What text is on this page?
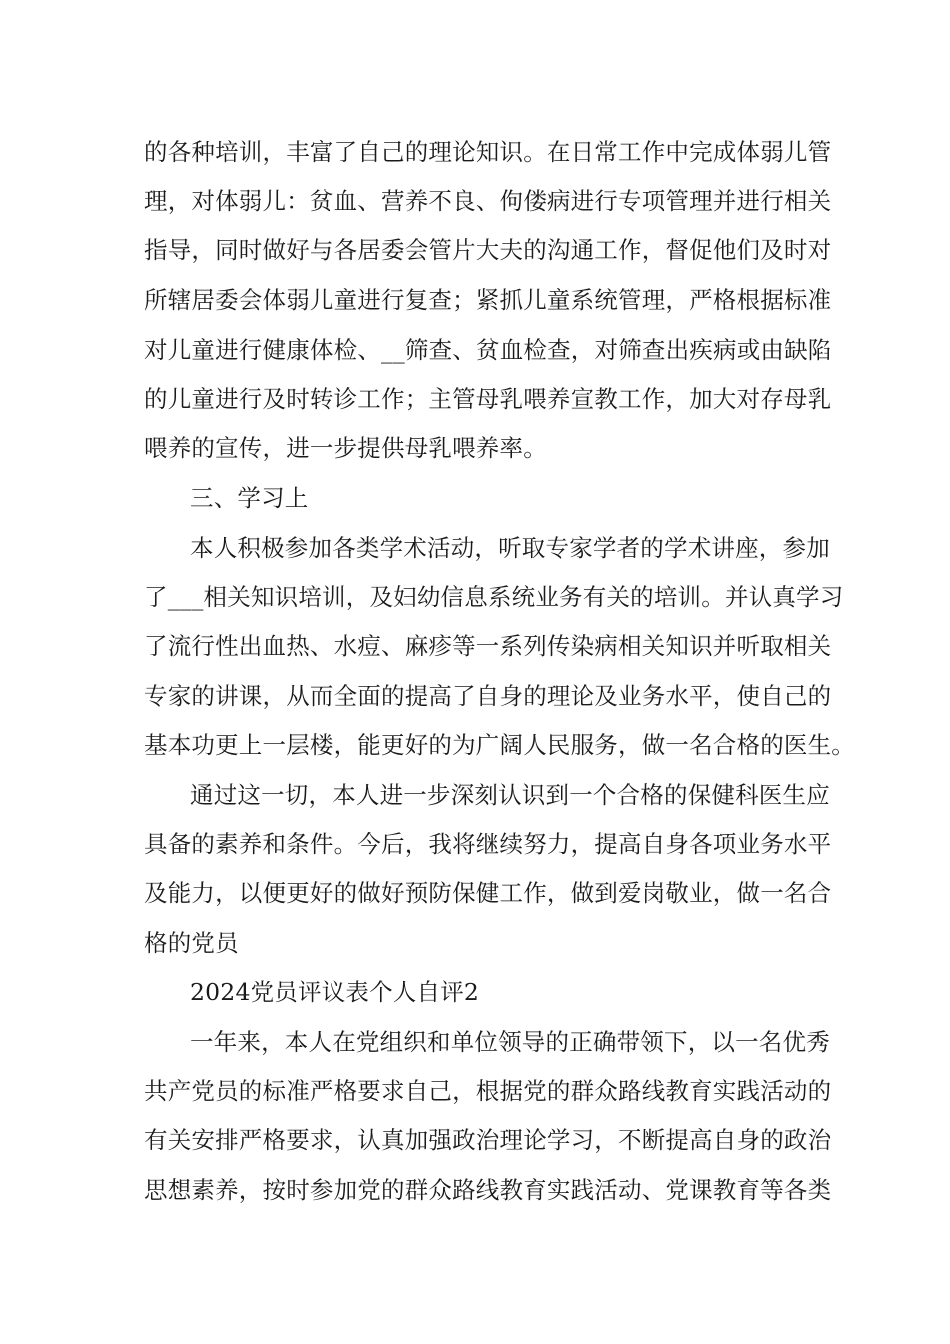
的各种培训，丰富了自己的理论知识。在日常工作中完成体弱儿管
理，对体弱儿：贫血、营养不良、佝偻病进行专项管理并进行相关
指导，同时做好与各居委会管片大夫的沟通工作，督促他们及时对
所辖居委会体弱儿童进行复查；紧抓儿童系统管理，严格根据标准
对儿童进行健康体检、__筛查、贫血检查，对筛查出疾病或由缺陷
的儿童进行及时转诊工作；主管母乳喂养宣教工作，加大对存母乳
喂养的宣传，进一步提供母乳喂养率。
三、学习上
本人积极参加各类学术活动，听取专家学者的学术讲座，参加
了___相关知识培训，及妇幼信息系统业务有关的培训。并认真学习
了流行性出血热、水痘、麻疹等一系列传染病相关知识并听取相关
专家的讲课，从而全面的提高了自身的理论及业务水平，使自己的
基本功更上一层楼，能更好的为广阔人民服务，做一名合格的医生。
通过这一切，本人进一步深刻认识到一个合格的保健科医生应
具备的素养和条件。今后，我将继续努力，提高自身各项业务水平
及能力，以便更好的做好预防保健工作，做到爱岗敬业，做一名合
格的党员
2024党员评议表个人自评2
一年来，本人在党组织和单位领导的正确带领下，以一名优秀
共产党员的标准严格要求自己，根据党的群众路线教育实践活动的
有关安排严格要求，认真加强政治理论学习，不断提高自身的政治
思想素养，按时参加党的群众路线教育实践活动、党课教育等各类
